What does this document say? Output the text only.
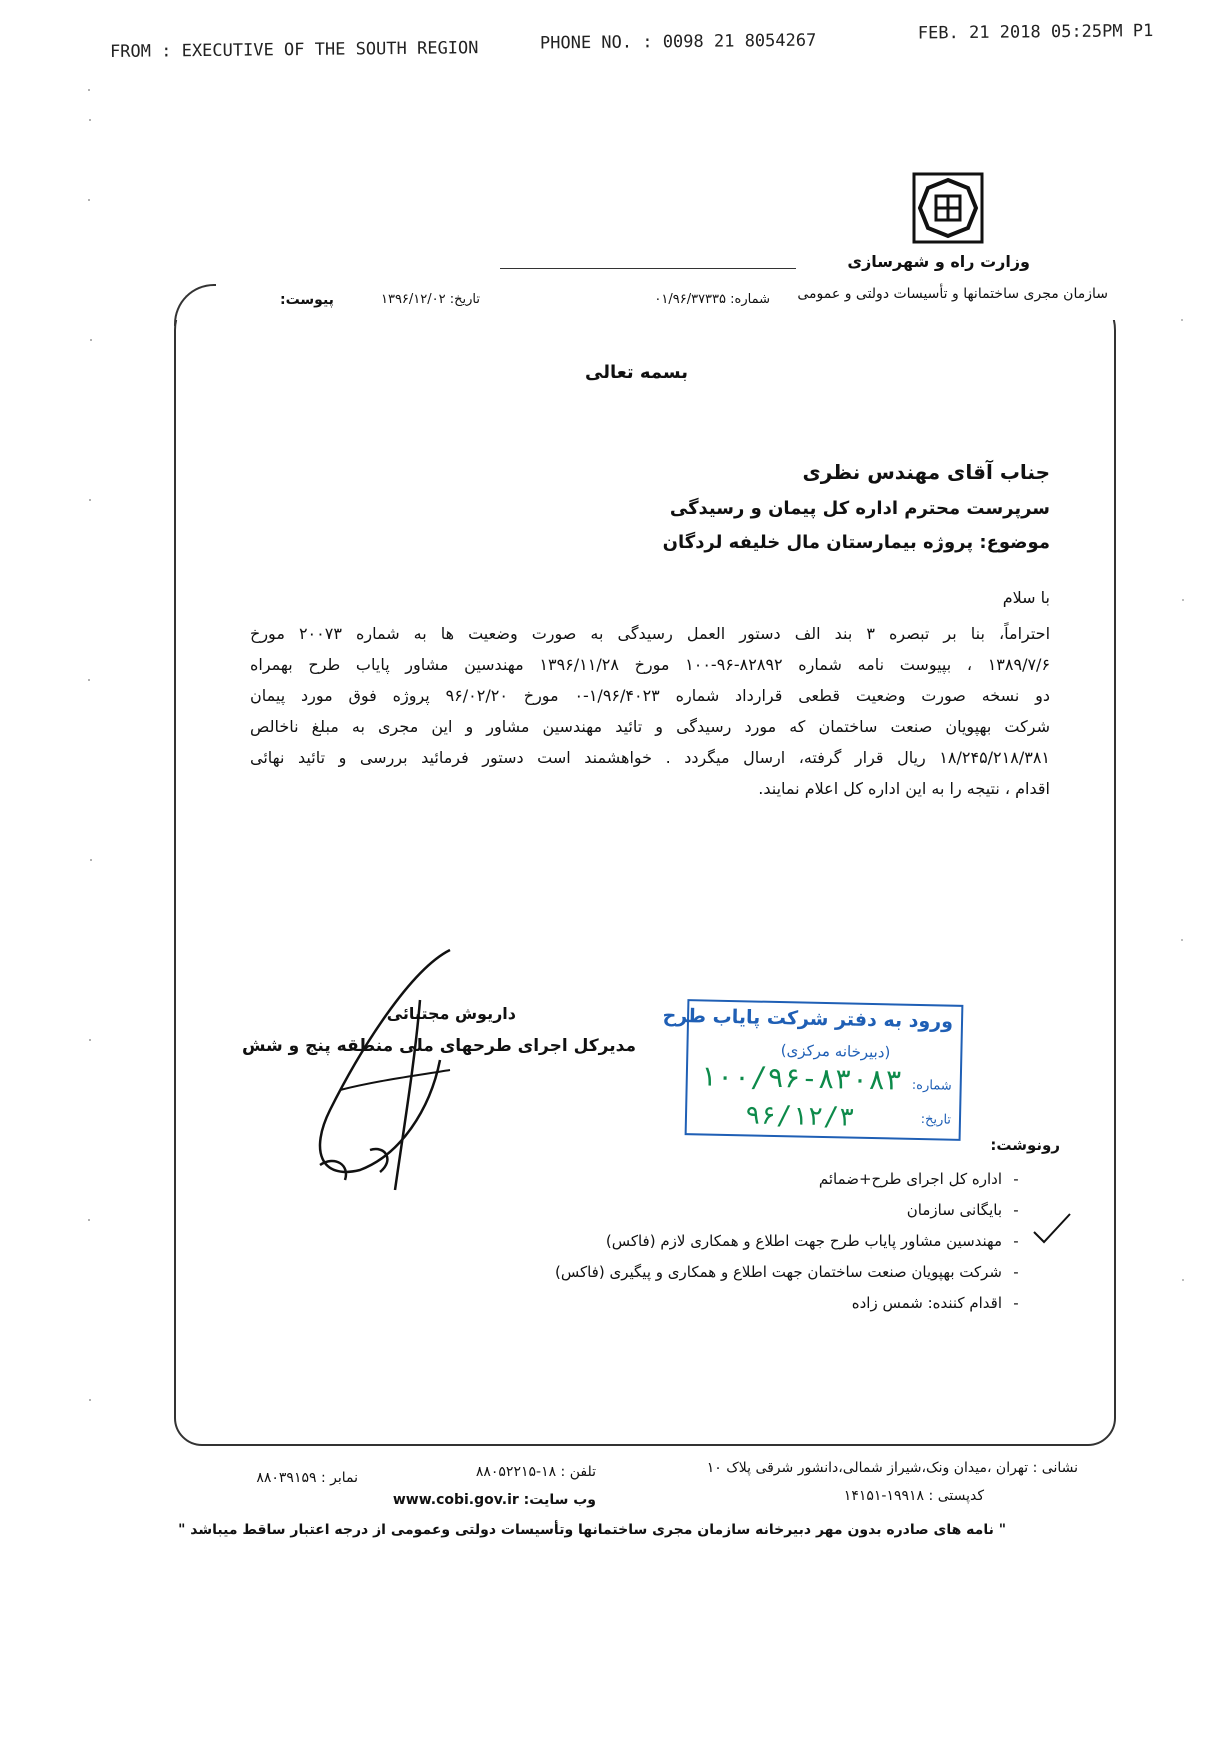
FROM : EXECUTIVE OF THE SOUTH REGION	PHONE NO. : 0098 21 8054267	FEB. 21 2018 05:25PM P1
وزارت راه و شهرسازی
سازمان مجری ساختمانها و تأسیسات دولتی و عمومی
شماره: ۰۱/۹۶/۳۷۳۳۵
تاریخ: ۱۳۹۶/۱۲/۰۲
پیوست:
بسمه تعالی
جناب آقای مهندس نظری
سرپرست محترم اداره کل پیمان و رسیدگی
موضوع: پروژه بیمارستان مال خلیفه لردگان
با سلام
احتراماً، بنا بر تبصره ۳ بند الف دستور العمل رسیدگی به صورت وضعیت ها به شماره ۲۰۰۷۳ مورخ
۱۳۸۹/۷/۶ ، بپیوست نامه شماره ۸۲۸۹۲-۹۶-۱۰۰ مورخ ۱۳۹۶/۱۱/۲۸ مهندسین مشاور پایاب طرح بهمراه
دو نسخه صورت وضعیت قطعی قرارداد شماره ۱/۹۶/۴۰۲۳-۰ مورخ ۹۶/۰۲/۲۰ پروژه فوق مورد پیمان
شرکت بهپویان صنعت ساختمان که مورد رسیدگی و تائید مهندسین مشاور و این مجری به مبلغ ناخالص
۱۸/۲۴۵/۲۱۸/۳۸۱ ریال قرار گرفته، ارسال میگردد . خواهشمند است دستور فرمائید بررسی و تائید نهائی
اقدام ، نتیجه را به این اداره کل اعلام نمایند.
داریوش مجتبائی
مدیرکل اجرای طرحهای ملی منطقه پنج و شش
ورود به دفتر شرکت پایاب طرح
(دبیرخانه مرکزی)
شماره:
۱۰۰/۹۶-۸۳۰۸۳
تاریخ:
۹۶/۱۲/۳
رونوشت:
-اداره کل اجرای طرح+ضمائم
-بایگانی سازمان
-مهندسین مشاور پایاب طرح جهت اطلاع و همکاری لازم (فاکس)
-شرکت بهپویان صنعت ساختمان جهت اطلاع و همکاری و پیگیری (فاکس)
-اقدام کننده: شمس زاده
نشانی : تهران ،میدان ونک،شیراز شمالی،دانشور شرقی پلاک ۱۰
کدپستی : ۱۹۹۱۸-۱۴۱۵۱
تلفن : ۱۸-۸۸۰۵۲۲۱۵
وب سایت: www.cobi.gov.ir
نمابر : ۸۸۰۳۹۱۵۹
" نامه های صادره بدون مهر دبیرخانه سازمان مجری ساختمانها وتأسیسات دولتی وعمومی از درجه اعتبار ساقط میباشد "
